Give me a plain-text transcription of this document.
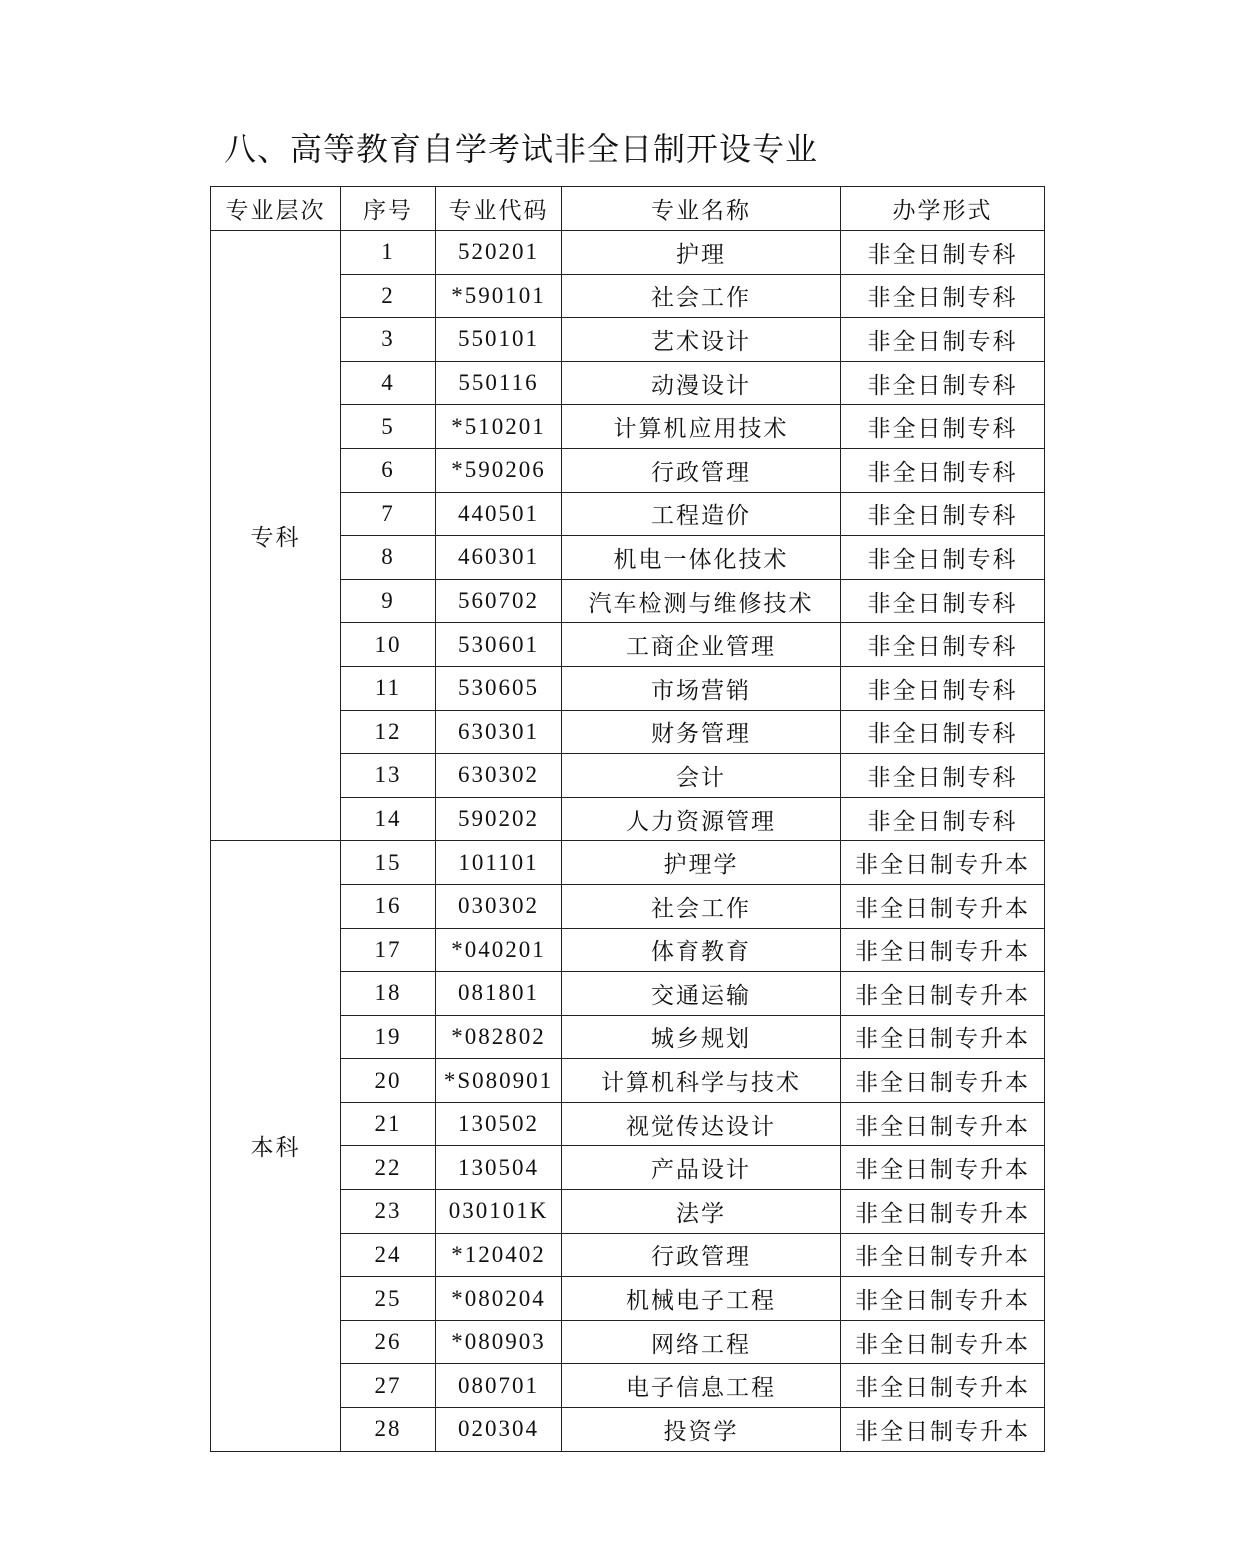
八、高等教育自学考试非全日制开设专业
专业层次	序号	专业代码	专业名称	办学形式
专科	1	520201	护理	非全日制专科
	2	*590101	社会工作	非全日制专科
	3	550101	艺术设计	非全日制专科
	4	550116	动漫设计	非全日制专科
	5	*510201	计算机应用技术	非全日制专科
	6	*590206	行政管理	非全日制专科
	7	440501	工程造价	非全日制专科
	8	460301	机电一体化技术	非全日制专科
	9	560702	汽车检测与维修技术	非全日制专科
	10	530601	工商企业管理	非全日制专科
	11	530605	市场营销	非全日制专科
	12	630301	财务管理	非全日制专科
	13	630302	会计	非全日制专科
	14	590202	人力资源管理	非全日制专科
本科	15	101101	护理学	非全日制专升本
	16	030302	社会工作	非全日制专升本
	17	*040201	体育教育	非全日制专升本
	18	081801	交通运输	非全日制专升本
	19	*082802	城乡规划	非全日制专升本
	20	*S080901	计算机科学与技术	非全日制专升本
	21	130502	视觉传达设计	非全日制专升本
	22	130504	产品设计	非全日制专升本
	23	030101K	法学	非全日制专升本
	24	*120402	行政管理	非全日制专升本
	25	*080204	机械电子工程	非全日制专升本
	26	*080903	网络工程	非全日制专升本
	27	080701	电子信息工程	非全日制专升本
	28	020304	投资学	非全日制专升本
